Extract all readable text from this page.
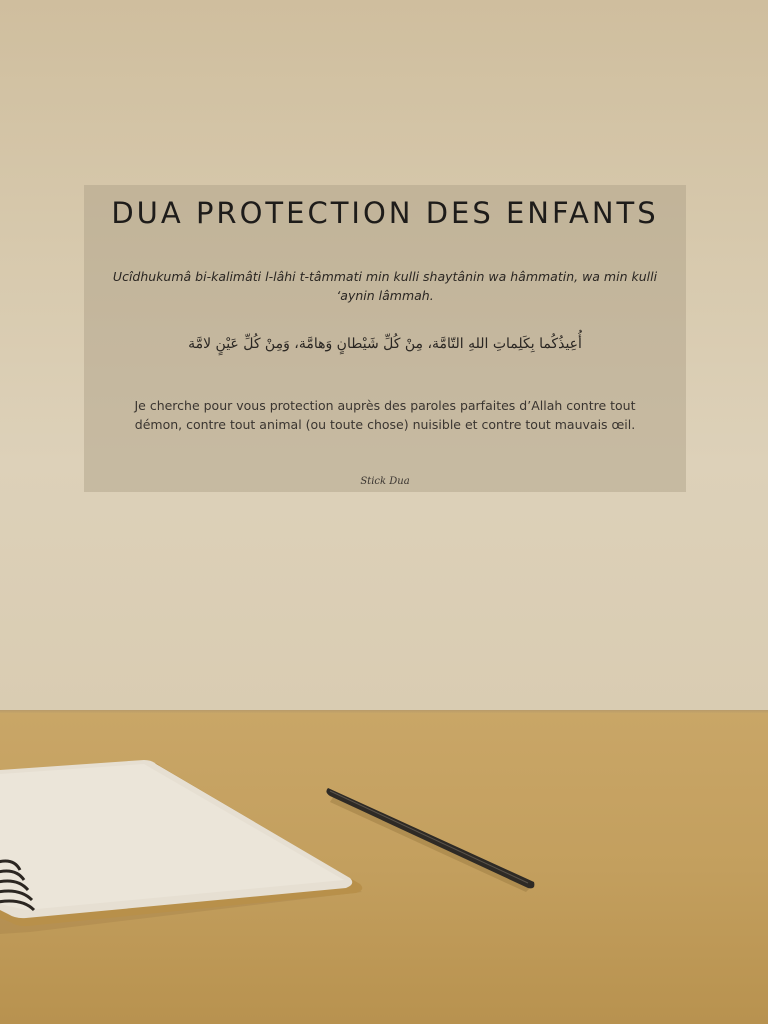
DUA PROTECTION DES ENFANTS
Ucîdhukumâ bi-kalimâti l-lâhi t-tâmmati min kulli shaytânin wa hâmmatin, wa min kulli ‘aynin lâmmah.
أُعِيذُكُما بِكَلِماتِ اللهِ التّامَّة، مِنْ كُلِّ شَيْطانٍ وَهامَّة، وَمِنْ كُلِّ عَيْنٍ لامَّة
Je cherche pour vous protection auprès des paroles parfaites d’Allah contre tout démon, contre tout animal (ou toute chose) nuisible et contre tout mauvais œil.
Stick Dua
